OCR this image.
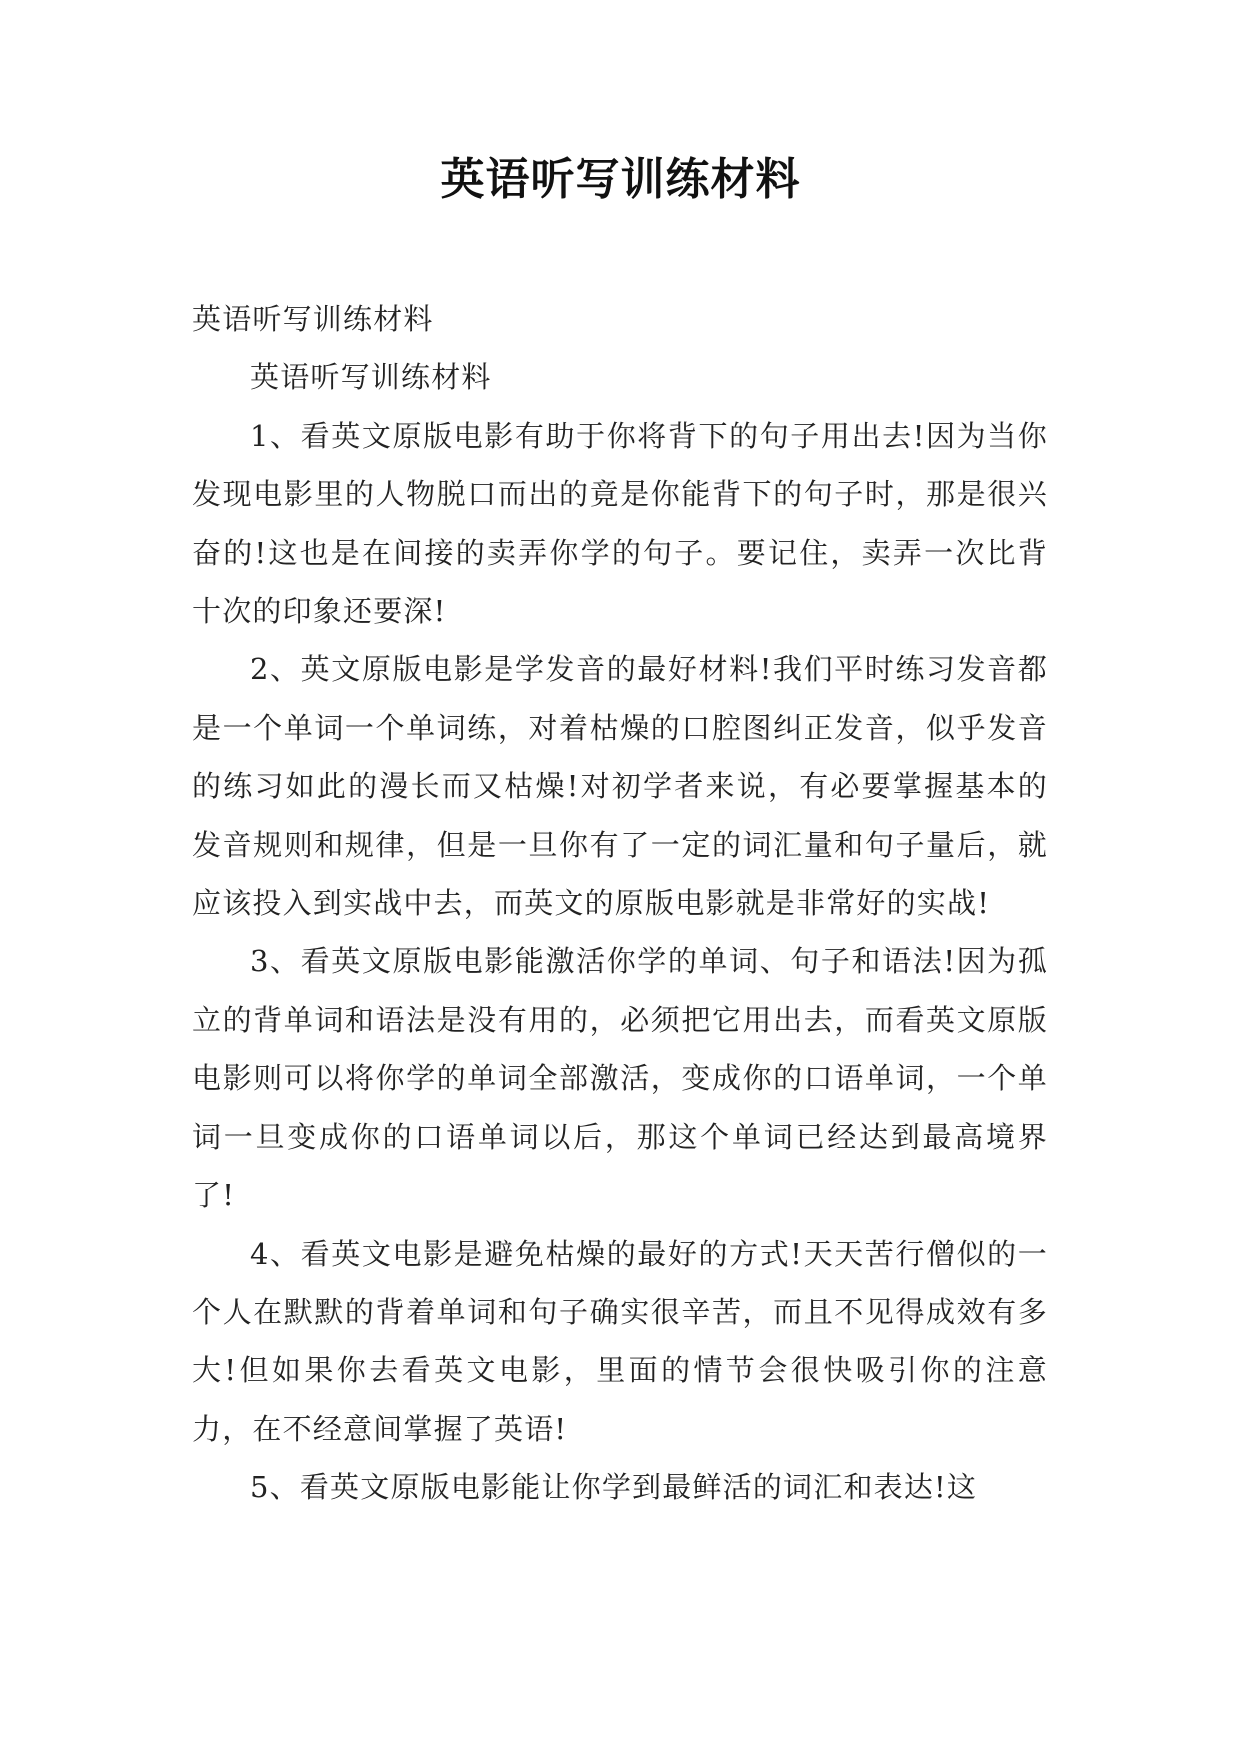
英语听写训练材料

英语听写训练材料

英语听写训练材料

1、看英文原版电影有助于你将背下的句子用出去!因为当你发现电影里的人物脱口而出的竟是你能背下的句子时，那是很兴奋的!这也是在间接的卖弄你学的句子。要记住，卖弄一次比背十次的印象还要深!

2、英文原版电影是学发音的最好材料!我们平时练习发音都是一个单词一个单词练，对着枯燥的口腔图纠正发音，似乎发音的练习如此的漫长而又枯燥!对初学者来说，有必要掌握基本的发音规则和规律，但是一旦你有了一定的词汇量和句子量后，就应该投入到实战中去，而英文的原版电影就是非常好的实战!

3、看英文原版电影能激活你学的单词、句子和语法!因为孤立的背单词和语法是没有用的，必须把它用出去，而看英文原版电影则可以将你学的单词全部激活，变成你的口语单词，一个单词一旦变成你的口语单词以后，那这个单词已经达到最高境界了!

4、看英文电影是避免枯燥的最好的方式!天天苦行僧似的一个人在默默的背着单词和句子确实很辛苦，而且不见得成效有多大!但如果你去看英文电影，里面的情节会很快吸引你的注意力，在不经意间掌握了英语!

5、看英文原版电影能让你学到最鲜活的词汇和表达!这
